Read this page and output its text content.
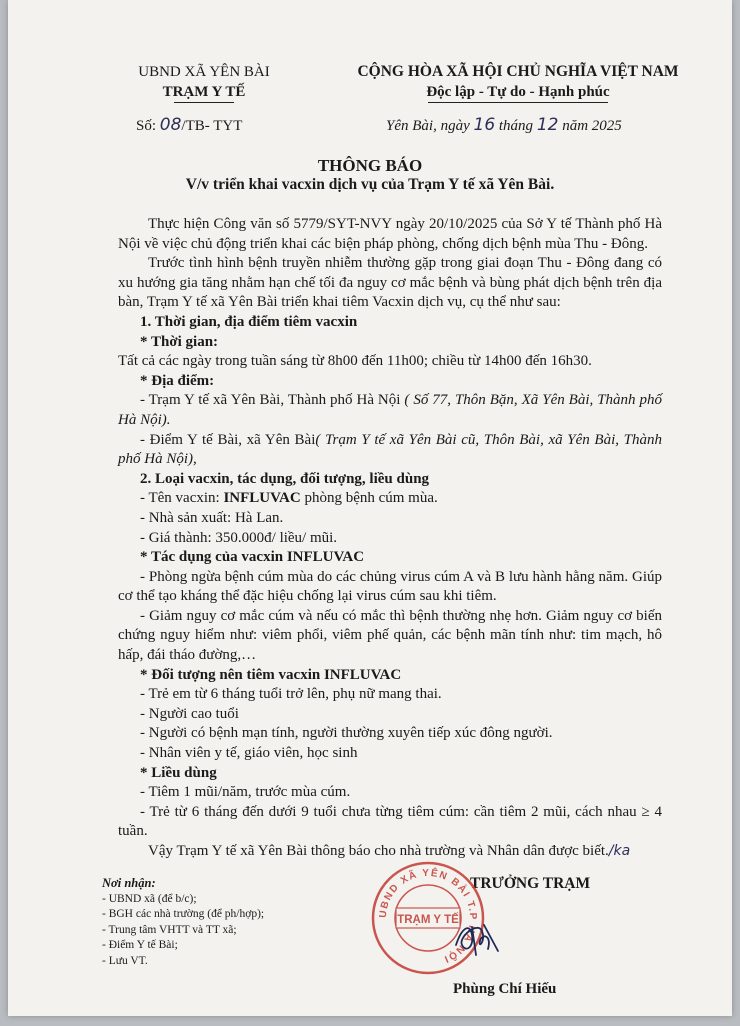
UBND XÃ YÊN BÀI
TRẠM Y TẾ
CỘNG HÒA XÃ HỘI CHỦ NGHĨA VIỆT NAM
Độc lập - Tự do - Hạnh phúc
Số: 08/TB- TYT	Yên Bài, ngày 16 tháng 12 năm 2025
THÔNG BÁO
V/v triển khai vacxin dịch vụ của Trạm Y tế xã Yên Bài.

Thực hiện Công văn số 5779/SYT-NVY ngày 20/10/2025 của Sở Y tế Thành phố Hà Nội về việc chủ động triển khai các biện pháp phòng, chống dịch bệnh mùa Thu - Đông.

Trước tình hình bệnh truyền nhiễm thường gặp trong giai đoạn Thu - Đông đang có xu hướng gia tăng nhằm hạn chế tối đa nguy cơ mắc bệnh và bùng phát dịch bệnh trên địa bàn, Trạm Y tế xã Yên Bài triển khai tiêm Vacxin dịch vụ, cụ thể như sau:

1. Thời gian, địa điểm tiêm vacxin

* Thời gian:

Tất cả các ngày trong tuần sáng từ 8h00 đến 11h00; chiều từ 14h00 đến 16h30.

* Địa điểm:

- Trạm Y tế xã Yên Bài, Thành phố Hà Nội ( Số 77, Thôn Bặn, Xã Yên Bài, Thành phố Hà Nội).

- Điểm Y tế Bài, xã Yên Bài( Trạm Y tế xã Yên Bài cũ, Thôn Bài, xã Yên Bài, Thành phố Hà Nội),

2. Loại vacxin, tác dụng, đối tượng, liều dùng

- Tên vacxin: INFLUVAC phòng bệnh cúm mùa.

- Nhà sản xuất: Hà Lan.

- Giá thành: 350.000đ/ liều/ mũi.

* Tác dụng của vacxin INFLUVAC

- Phòng ngừa bệnh cúm mùa do các chủng virus cúm A và B lưu hành hằng năm. Giúp cơ thể tạo kháng thể đặc hiệu chống lại virus cúm sau khi tiêm.

- Giảm nguy cơ mắc cúm và nếu có mắc thì bệnh thường nhẹ hơn. Giảm nguy cơ biến chứng nguy hiểm như: viêm phổi, viêm phế quản, các bệnh mãn tính như: tim mạch, hô hấp, đái tháo đường,…

* Đối tượng nên tiêm vacxin INFLUVAC

- Trẻ em từ 6 tháng tuổi trở lên, phụ nữ mang thai.

- Người cao tuổi

- Người có bệnh mạn tính, người thường xuyên tiếp xúc đông người.

- Nhân viên y tế, giáo viên, học sinh

* Liều dùng

- Tiêm 1 mũi/năm, trước mùa cúm.

- Trẻ từ 6 tháng đến dưới 9 tuổi chưa từng tiêm cúm: cần tiêm 2 mũi, cách nhau ≥ 4 tuần.

Vậy Trạm Y tế xã Yên Bài thông báo cho nhà trường và Nhân dân được biết./ka

Nơi nhận:
- UBND xã (để b/c);
- BGH các nhà trường (để ph/hợp);
- Trung tâm VHTT và TT xã;
- Điểm Y tế Bài;
- Lưu VT.
TRƯỞNG TRẠM
UBND XÃ YÊN BÀI T.P HÀ NỘI
TRẠM Y TẾ
Phùng Chí Hiếu
